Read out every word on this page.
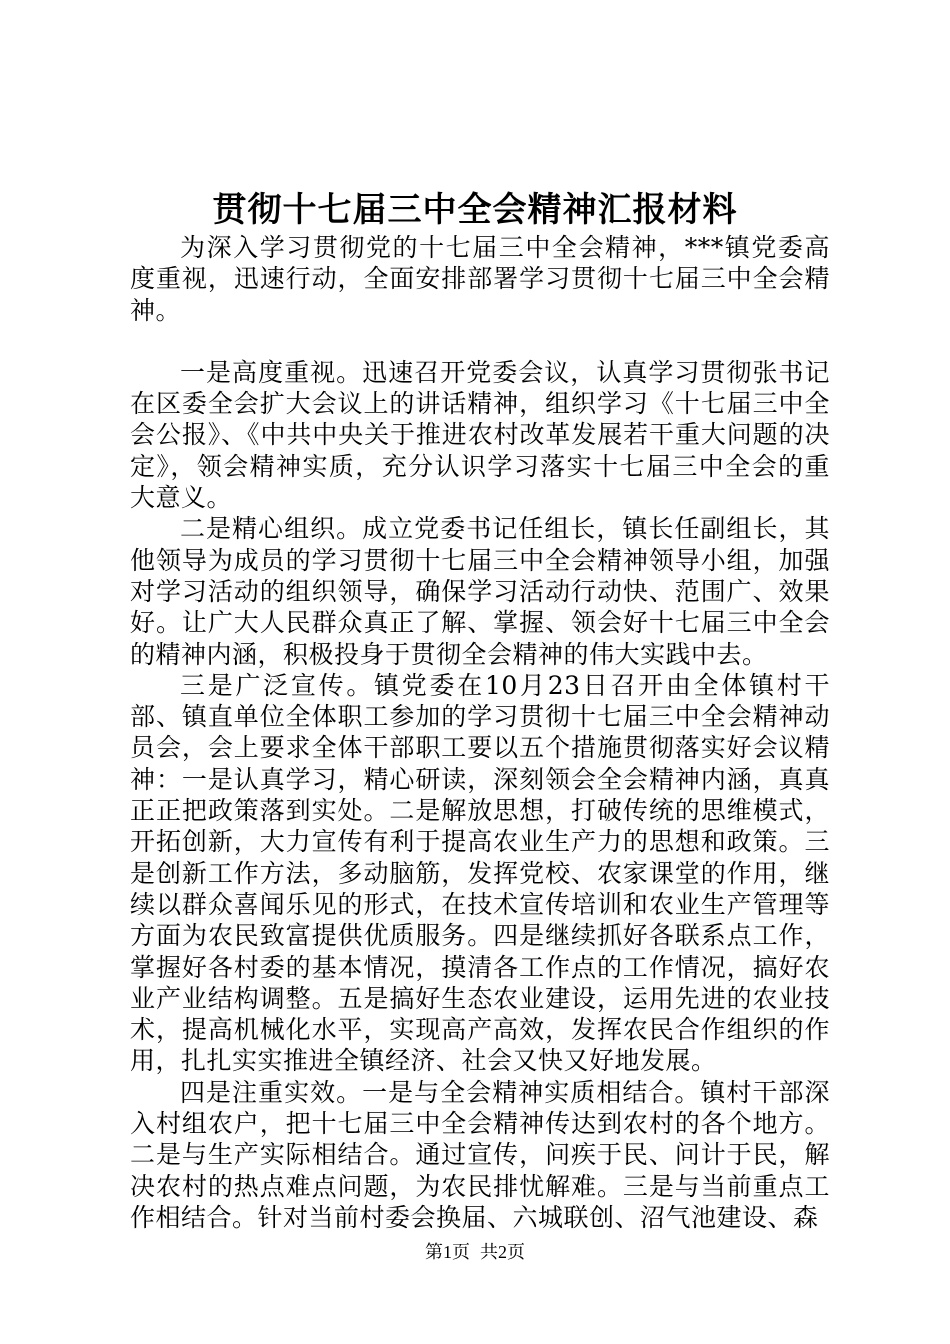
贯彻十七届三中全会精神汇报材料

为深入学习贯彻党的十七届三中全会精神，***镇党委高度重视，迅速行动，全面安排部署学习贯彻十七届三中全会精神。

一是高度重视。迅速召开党委会议，认真学习贯彻张书记在区委全会扩大会议上的讲话精神，组织学习《十七届三中全会公报》、《中共中央关于推进农村改革发展若干重大问题的决定》，领会精神实质，充分认识学习落实十七届三中全会的重大意义。

二是精心组织。成立党委书记任组长，镇长任副组长，其他领导为成员的学习贯彻十七届三中全会精神领导小组，加强对学习活动的组织领导，确保学习活动行动快、范围广、效果好。让广大人民群众真正了解、掌握、领会好十七届三中全会的精神内涵，积极投身于贯彻全会精神的伟大实践中去。

三是广泛宣传。镇党委在10月23日召开由全体镇村干部、镇直单位全体职工参加的学习贯彻十七届三中全会精神动员会，会上要求全体干部职工要以五个措施贯彻落实好会议精神：一是认真学习，精心研读，深刻领会全会精神内涵，真真正正把政策落到实处。二是解放思想，打破传统的思维模式，开拓创新，大力宣传有利于提高农业生产力的思想和政策。三是创新工作方法，多动脑筋，发挥党校、农家课堂的作用，继续以群众喜闻乐见的形式，在技术宣传培训和农业生产管理等方面为农民致富提供优质服务。四是继续抓好各联系点工作，掌握好各村委的基本情况，摸清各工作点的工作情况，搞好农业产业结构调整。五是搞好生态农业建设，运用先进的农业技术，提高机械化水平，实现高产高效，发挥农民合作组织的作用，扎扎实实推进全镇经济、社会又快又好地发展。

四是注重实效。一是与全会精神实质相结合。镇村干部深入村组农户，把十七届三中全会精神传达到农村的各个地方。二是与生产实际相结合。通过宣传，问疾于民、问计于民，解决农村的热点难点问题，为农民排忧解难。三是与当前重点工作相结合。针对当前村委会换届、六城联创、沼气池建设、森

第1页 共2页
